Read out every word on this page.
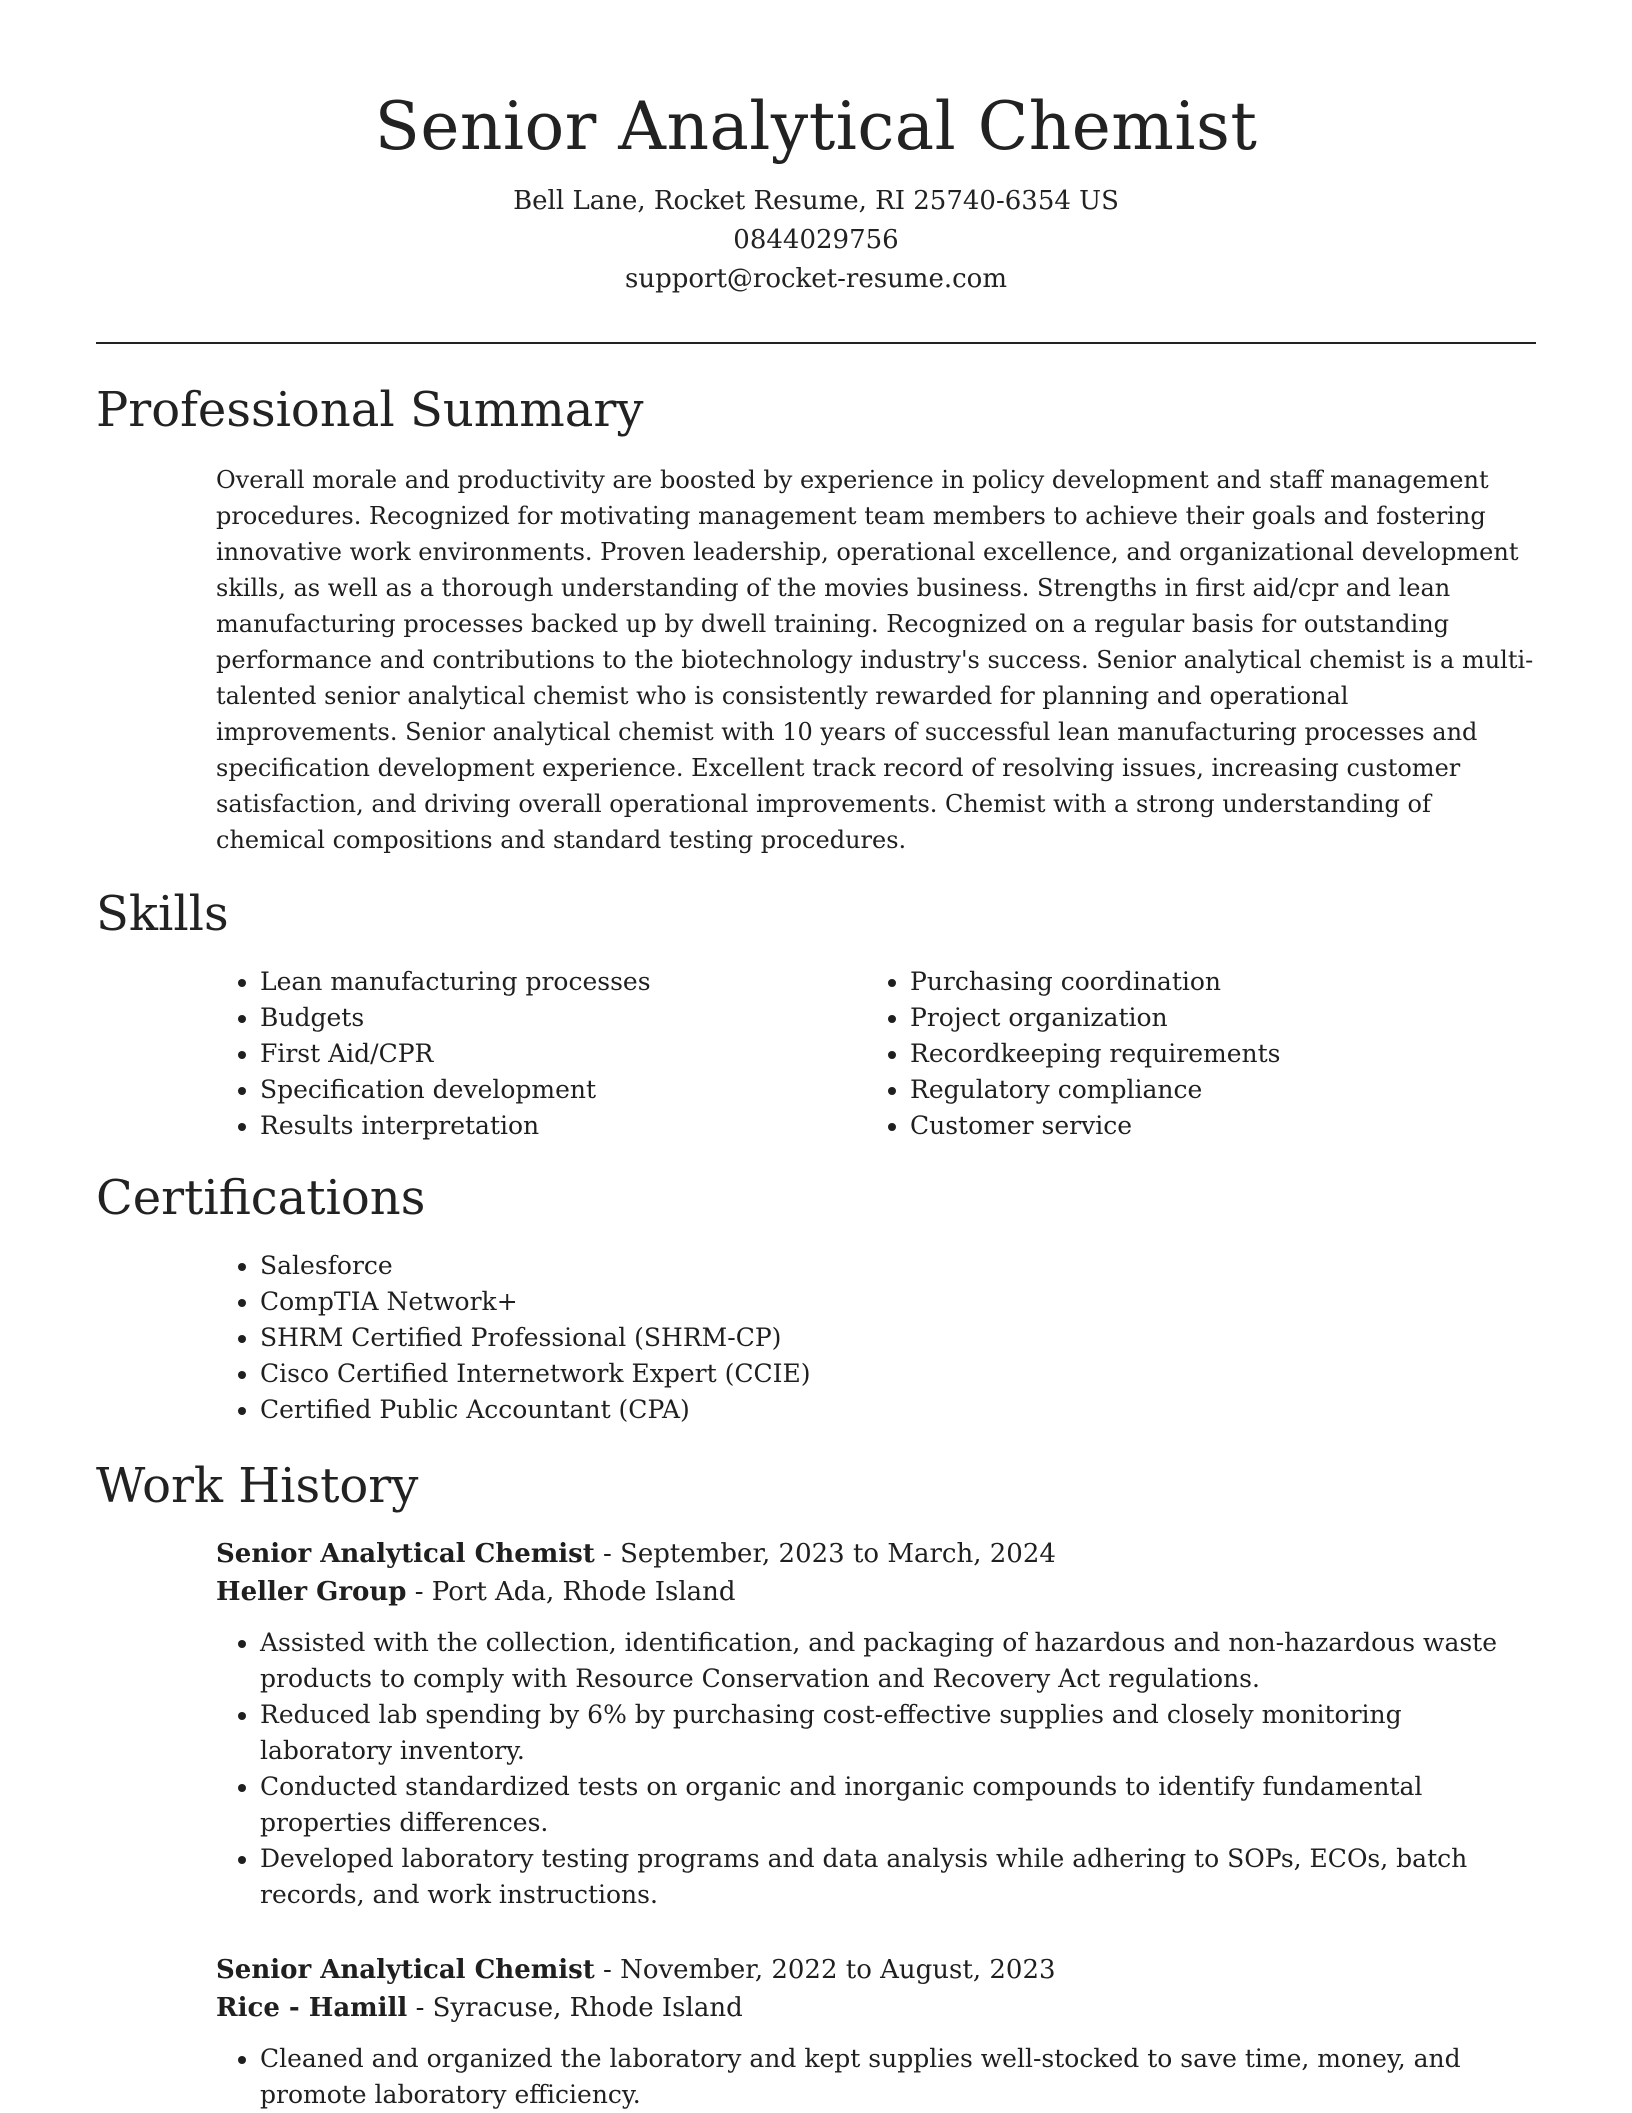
Senior Analytical Chemist
Bell Lane, Rocket Resume, RI 25740-6354 US
0844029756
support@rocket-resume.com
Professional Summary

Overall morale and productivity are boosted by experience in policy development and staff management procedures. Recognized for motivating management team members to achieve their goals and fostering innovative work environments. Proven leadership, operational excellence, and organizational development skills, as well as a thorough understanding of the movies business. Strengths in first aid/cpr and lean manufacturing processes backed up by dwell training. Recognized on a regular basis for outstanding performance and contributions to the biotechnology industry's success. Senior analytical chemist is a multi-talented senior analytical chemist who is consistently rewarded for planning and operational improvements. Senior analytical chemist with 10 years of successful lean manufacturing processes and specification development experience. Excellent track record of resolving issues, increasing customer satisfaction, and driving overall operational improvements. Chemist with a strong understanding of chemical compositions and standard testing procedures.

Skills
• Lean manufacturing processes
• Budgets
• First Aid/CPR
• Specification development
• Results interpretation
• Purchasing coordination
• Project organization
• Recordkeeping requirements
• Regulatory compliance
• Customer service
Certifications
• Salesforce
• CompTIA Network+
• SHRM Certified Professional (SHRM-CP)
• Cisco Certified Internetwork Expert (CCIE)
• Certified Public Accountant (CPA)
Work History
Senior Analytical Chemist - September, 2023 to March, 2024
Heller Group - Port Ada, Rhode Island
• Assisted with the collection, identification, and packaging of hazardous and non-hazardous waste products to comply with Resource Conservation and Recovery Act regulations.
• Reduced lab spending by 6% by purchasing cost-effective supplies and closely monitoring laboratory inventory.
• Conducted standardized tests on organic and inorganic compounds to identify fundamental properties differences.
• Developed laboratory testing programs and data analysis while adhering to SOPs, ECOs, batch records, and work instructions.
Senior Analytical Chemist - November, 2022 to August, 2023
Rice - Hamill - Syracuse, Rhode Island
• Cleaned and organized the laboratory and kept supplies well-stocked to save time, money, and promote laboratory efficiency.
